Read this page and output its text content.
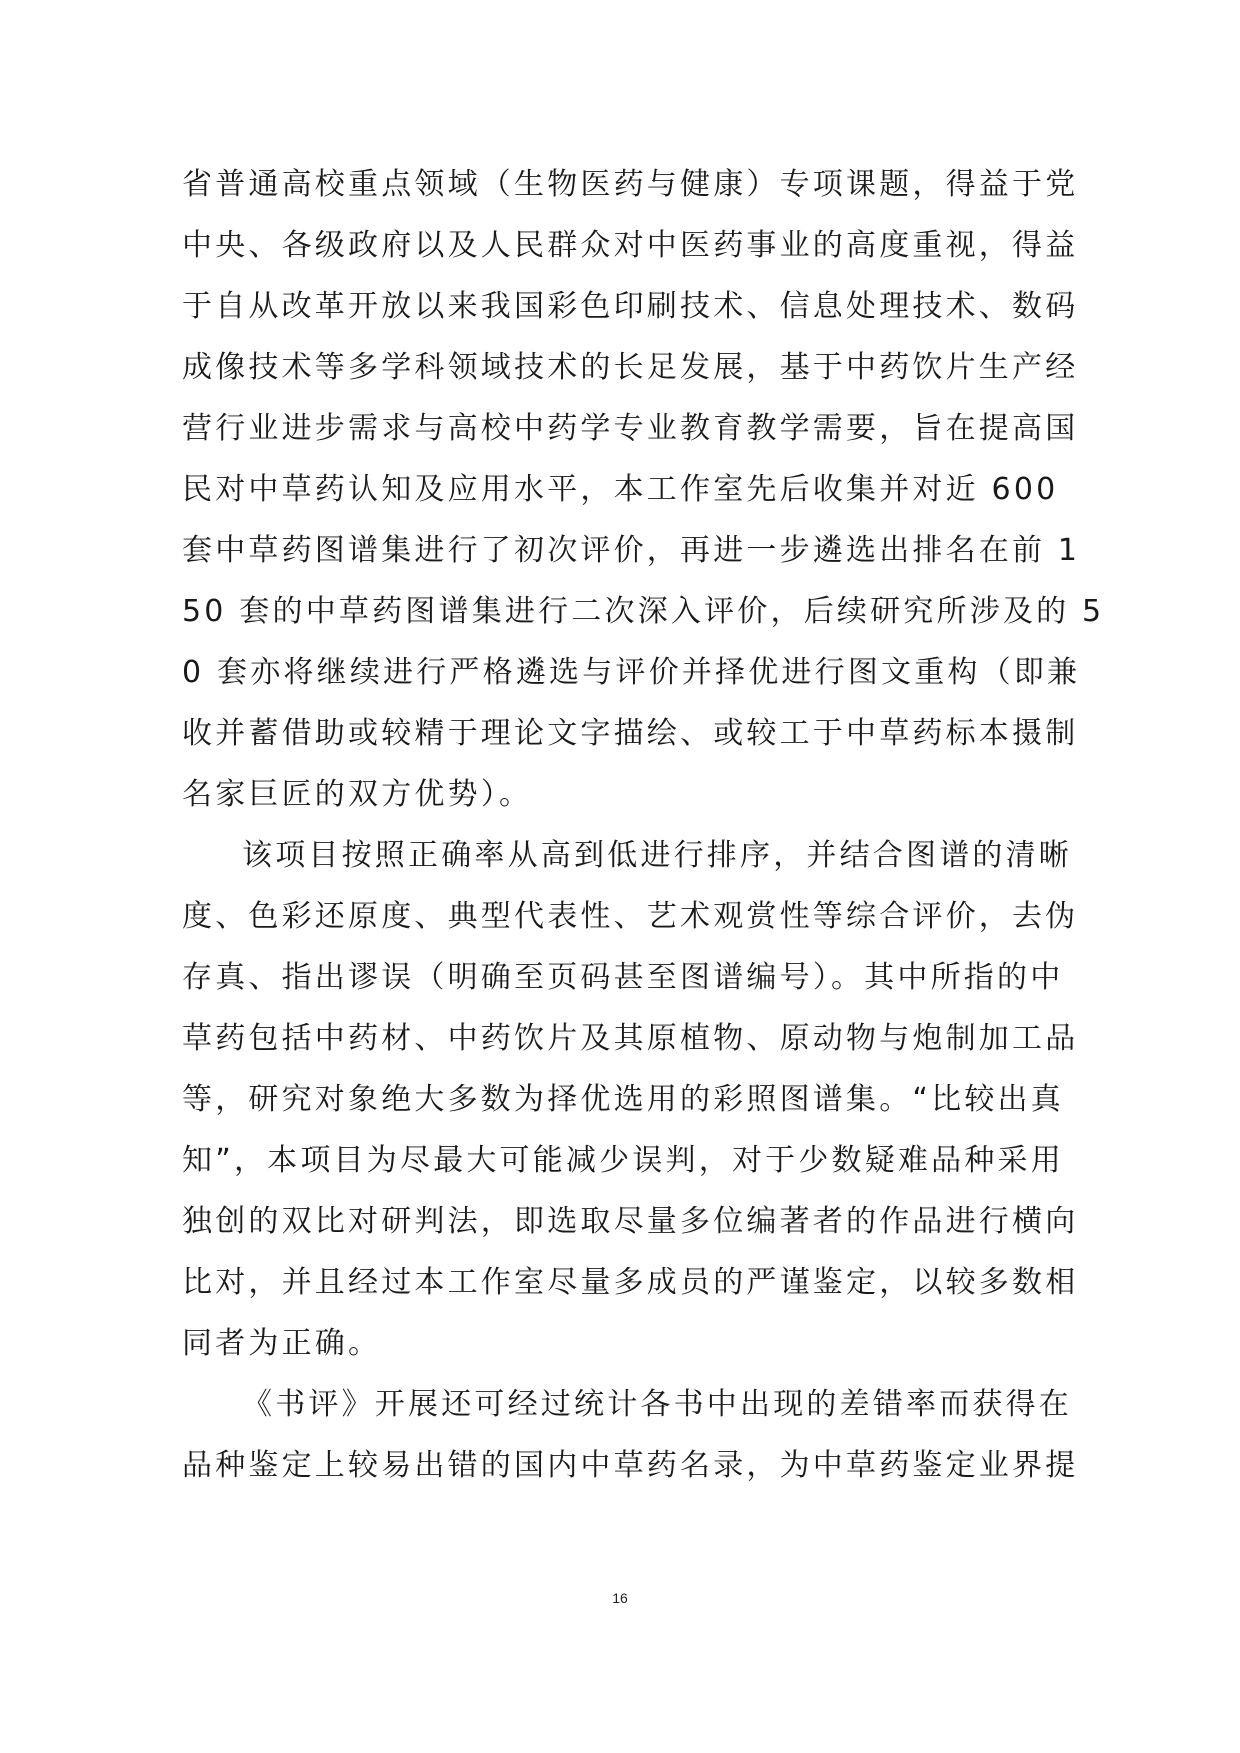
省普通高校重点领域（生物医药与健康）专项课题，得益于党
中央、各级政府以及人民群众对中医药事业的高度重视，得益
于自从改革开放以来我国彩色印刷技术、信息处理技术、数码
成像技术等多学科领域技术的长足发展，基于中药饮片生产经
营行业进步需求与高校中药学专业教育教学需要，旨在提高国
民对中草药认知及应用水平，本工作室先后收集并对近 600
套中草药图谱集进行了初次评价，再进一步遴选出排名在前 1
50 套的中草药图谱集进行二次深入评价，后续研究所涉及的 5
0 套亦将继续进行严格遴选与评价并择优进行图文重构（即兼
收并蓄借助或较精于理论文字描绘、或较工于中草药标本摄制
名家巨匠的双方优势）。
该项目按照正确率从高到低进行排序，并结合图谱的清晰
度、色彩还原度、典型代表性、艺术观赏性等综合评价，去伪
存真、指出谬误（明确至页码甚至图谱编号）。其中所指的中
草药包括中药材、中药饮片及其原植物、原动物与炮制加工品
等，研究对象绝大多数为择优选用的彩照图谱集。“比较出真
知”，本项目为尽最大可能减少误判，对于少数疑难品种采用
独创的双比对研判法，即选取尽量多位编著者的作品进行横向
比对，并且经过本工作室尽量多成员的严谨鉴定，以较多数相
同者为正确。
《书评》开展还可经过统计各书中出现的差错率而获得在
品种鉴定上较易出错的国内中草药名录，为中草药鉴定业界提
16
